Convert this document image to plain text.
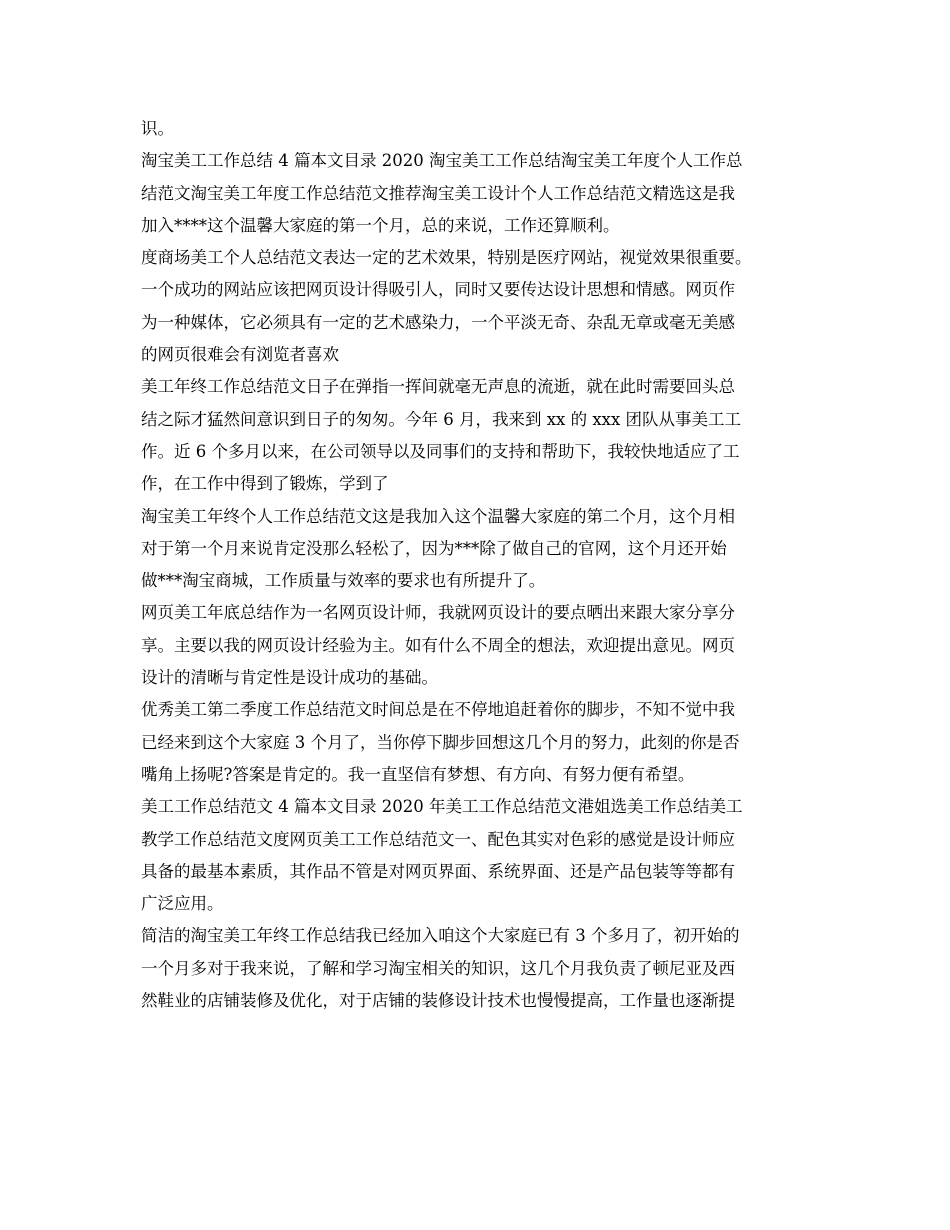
识。
淘宝美工工作总结 4 篇本文目录 2020 淘宝美工工作总结淘宝美工年度个人工作总
结范文淘宝美工年度工作总结范文推荐淘宝美工设计个人工作总结范文精选这是我
加入****这个温馨大家庭的第一个月，总的来说，工作还算顺利。
度商场美工个人总结范文表达一定的艺术效果，特别是医疗网站，视觉效果很重要。
一个成功的网站应该把网页设计得吸引人，同时又要传达设计思想和情感。网页作
为一种媒体，它必须具有一定的艺术感染力，一个平淡无奇、杂乱无章或毫无美感
的网页很难会有浏览者喜欢
美工年终工作总结范文日子在弹指一挥间就毫无声息的流逝，就在此时需要回头总
结之际才猛然间意识到日子的匆匆。今年 6 月，我来到 xx 的 xxx 团队从事美工工
作。近 6 个多月以来，在公司领导以及同事们的支持和帮助下，我较快地适应了工
作，在工作中得到了锻炼，学到了
淘宝美工年终个人工作总结范文这是我加入这个温馨大家庭的第二个月，这个月相
对于第一个月来说肯定没那么轻松了，因为***除了做自己的官网，这个月还开始
做***淘宝商城，工作质量与效率的要求也有所提升了。
网页美工年底总结作为一名网页设计师，我就网页设计的要点晒出来跟大家分享分
享。主要以我的网页设计经验为主。如有什么不周全的想法，欢迎提出意见。网页
设计的清晰与肯定性是设计成功的基础。
优秀美工第二季度工作总结范文时间总是在不停地追赶着你的脚步，不知不觉中我
已经来到这个大家庭 3 个月了，当你停下脚步回想这几个月的努力，此刻的你是否
嘴角上扬呢?答案是肯定的。我一直坚信有梦想、有方向、有努力便有希望。
美工工作总结范文 4 篇本文目录 2020 年美工工作总结范文港姐选美工作总结美工
教学工作总结范文度网页美工工作总结范文一、配色其实对色彩的感觉是设计师应
具备的最基本素质，其作品不管是对网页界面、系统界面、还是产品包装等等都有
广泛应用。
简洁的淘宝美工年终工作总结我已经加入咱这个大家庭已有 3 个多月了，初开始的
一个月多对于我来说，了解和学习淘宝相关的知识，这几个月我负责了顿尼亚及西
然鞋业的店铺装修及优化，对于店铺的装修设计技术也慢慢提高，工作量也逐渐提
